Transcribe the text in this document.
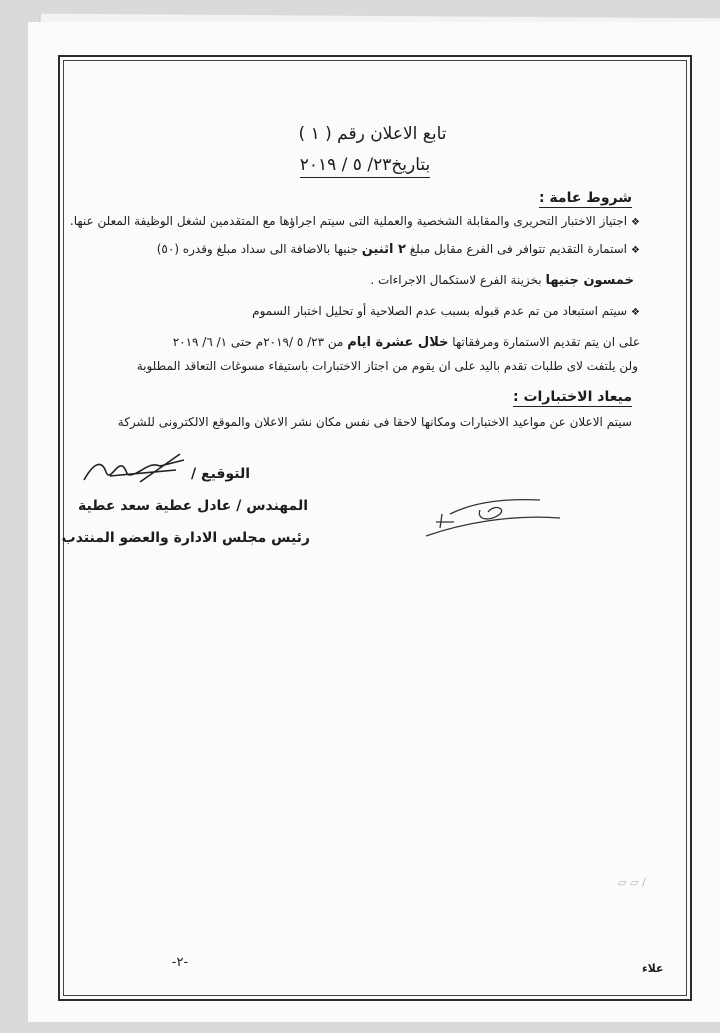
تابع الاعلان رقم ( ١ )
بتاريخ٢٣/ ٥ / ٢٠١٩
شروط عامة :
❖اجتياز الاختبار التحريرى والمقابلة الشخصية والعملية التى سيتم اجراؤها مع المتقدمين لشغل الوظيفة المعلن عنها.
❖استمارة التقديم تتوافر فى الفرع مقابل مبلغ ٢ اثنين جنيها بالاضافة الى سداد مبلغ وقدره (٥٠)
خمسون جنيها بخزينة الفرع لاستكمال الاجراءات .
❖سيتم استبعاد من تم عدم قبوله بسبب عدم الصلاحية أو تحليل اختبار السموم
على ان يتم تقديم الاستمارة ومرفقاتها خلال عشرة ايام من ٢٣/ ٥ /٢٠١٩م حتى ١/ ٦/ ٢٠١٩
ولن يلتفت لاى طلبات تقدم باليد على ان يقوم من اجتاز الاختبارات باستيفاء مسوغات التعاقد المطلوبة
ميعاد الاختبارات :
سيتم الاعلان عن مواعيد الاختبارات ومكانها لاحقا فى نفس مكان نشر الاعلان والموقع الالكترونى للشركة
التوقيع /
المهندس / عادل عطية سعد عطية
رئيس مجلس الادارة والعضو المنتدب
▱ ▱ ∕
-٢-	علاء
